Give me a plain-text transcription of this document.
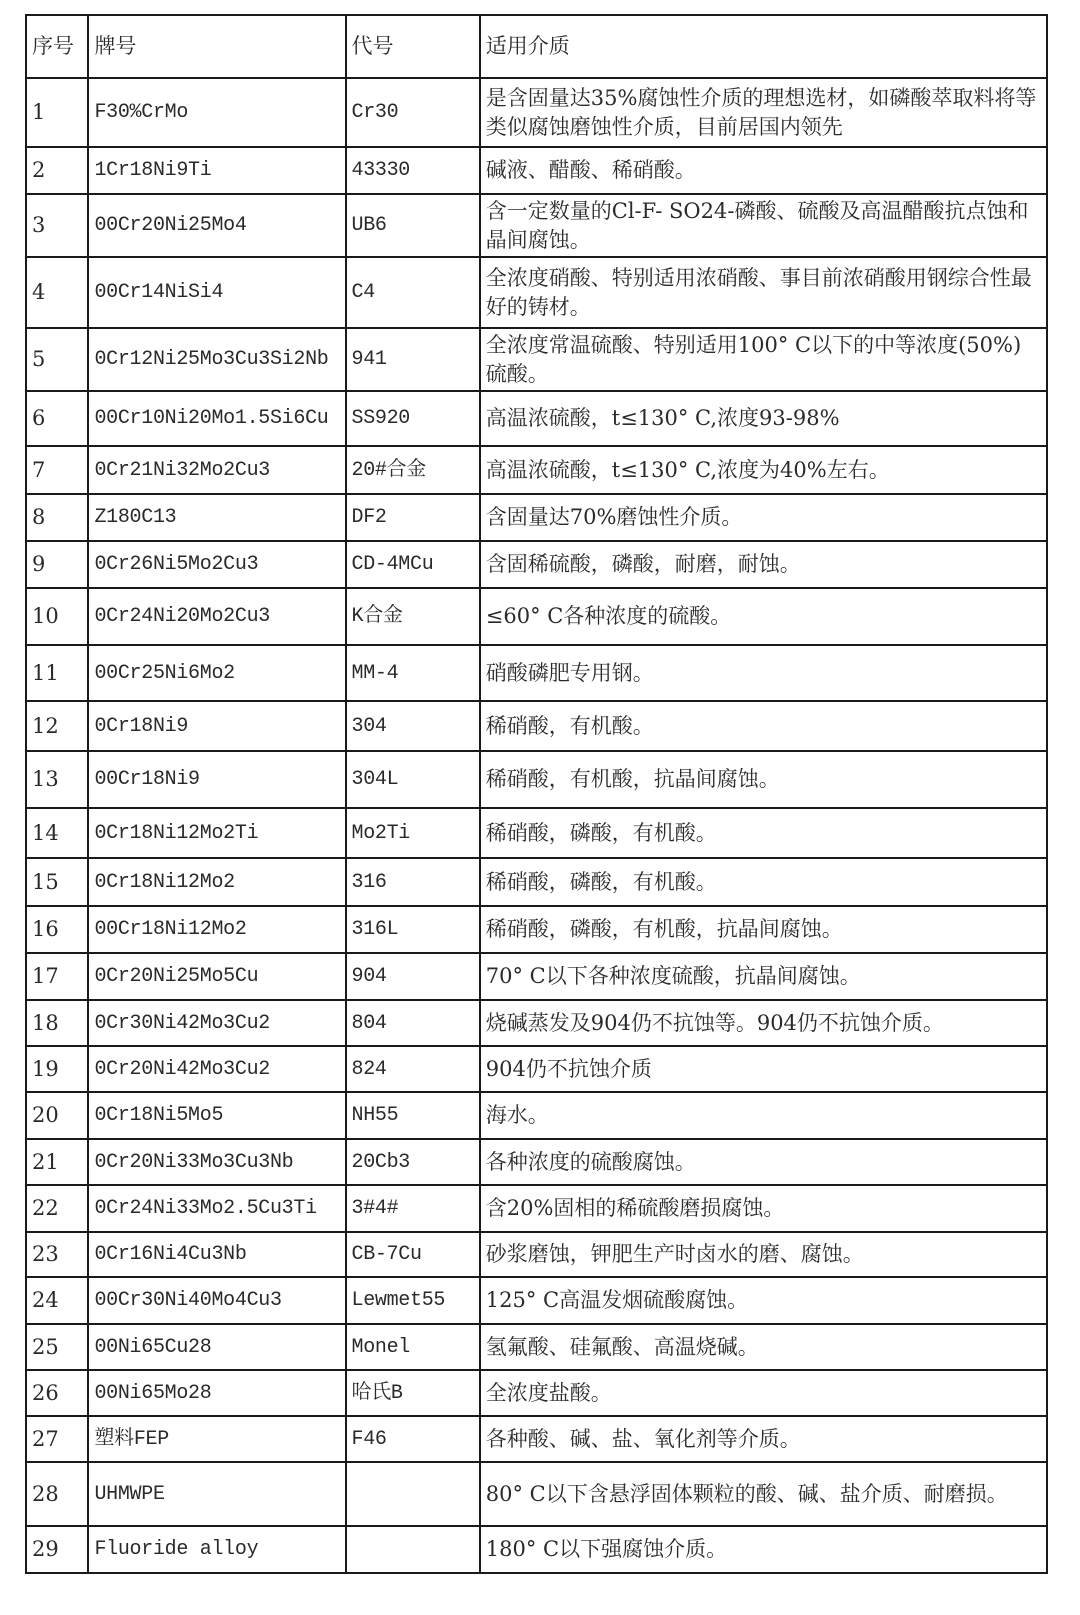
序号	牌号	代号	适用介质
1	F30%CrMo	Cr30	是含固量达35%腐蚀性介质的理想选材，如磷酸萃取料将等类似腐蚀磨蚀性介质，目前居国内领先
2	1Cr18Ni9Ti	43330	碱液、醋酸、稀硝酸。
3	00Cr20Ni25Mo4	UB6	含一定数量的Cl-F- SO24-磷酸、硫酸及高温醋酸抗点蚀和晶间腐蚀。
4	00Cr14NiSi4	C4	全浓度硝酸、特别适用浓硝酸、事目前浓硝酸用钢综合性最好的铸材。
5	0Cr12Ni25Mo3Cu3Si2Nb	941	全浓度常温硫酸、特别适用100° C以下的中等浓度(50%)硫酸。
6	00Cr10Ni20Mo1.5Si6Cu	SS920	高温浓硫酸，t≤130° C,浓度93-98%
7	0Cr21Ni32Mo2Cu3	20#合金	高温浓硫酸，t≤130° C,浓度为40%左右。
8	Z180C13	DF2	含固量达70%磨蚀性介质。
9	0Cr26Ni5Mo2Cu3	CD-4MCu	含固稀硫酸，磷酸，耐磨，耐蚀。
10	0Cr24Ni20Mo2Cu3	K合金	≤60° C各种浓度的硫酸。
11	00Cr25Ni6Mo2	MM-4	硝酸磷肥专用钢。
12	0Cr18Ni9	304	稀硝酸，有机酸。
13	00Cr18Ni9	304L	稀硝酸，有机酸，抗晶间腐蚀。
14	0Cr18Ni12Mo2Ti	Mo2Ti	稀硝酸，磷酸，有机酸。
15	0Cr18Ni12Mo2	316	稀硝酸，磷酸，有机酸。
16	00Cr18Ni12Mo2	316L	稀硝酸，磷酸，有机酸，抗晶间腐蚀。
17	0Cr20Ni25Mo5Cu	904	70° C以下各种浓度硫酸，抗晶间腐蚀。
18	0Cr30Ni42Mo3Cu2	804	烧碱蒸发及904仍不抗蚀等。904仍不抗蚀介质。
19	0Cr20Ni42Mo3Cu2	824	904仍不抗蚀介质
20	0Cr18Ni5Mo5	NH55	海水。
21	0Cr20Ni33Mo3Cu3Nb	20Cb3	各种浓度的硫酸腐蚀。
22	0Cr24Ni33Mo2.5Cu3Ti	3#4#	含20%固相的稀硫酸磨损腐蚀。
23	0Cr16Ni4Cu3Nb	CB-7Cu	砂浆磨蚀，钾肥生产时卤水的磨、腐蚀。
24	00Cr30Ni40Mo4Cu3	Lewmet55	125° C高温发烟硫酸腐蚀。
25	00Ni65Cu28	Monel	氢氟酸、硅氟酸、高温烧碱。
26	00Ni65Mo28	哈氏B	全浓度盐酸。
27	塑料FEP	F46	各种酸、碱、盐、氧化剂等介质。
28	UHMWPE		80° C以下含悬浮固体颗粒的酸、碱、盐介质、耐磨损。
29	Fluoride alloy		180° C以下强腐蚀介质。
